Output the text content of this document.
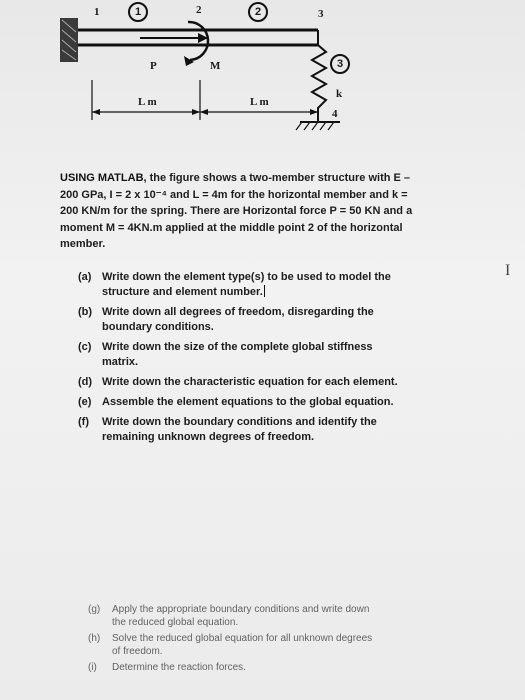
1	1	2	2	3
3
4
P	M
k
L m	L m
USING MATLAB, the figure shows a two-member structure with E – 200 GPa, I = 2 x 10⁻⁴ and L = 4m for the horizontal member and k = 200 KN/m for the spring. There are Horizontal force P = 50 KN and a moment M = 4KN.m applied at the middle point 2 of the horizontal member.
(a) Write down the element type(s) to be used to model the structure and element number.
(b) Write down all degrees of freedom, disregarding the boundary conditions.
(c) Write down the size of the complete global stiffness matrix.
(d) Write down the characteristic equation for each element.
(e) Assemble the element equations to the global equation.
(f)	Write down the boundary conditions and identify the remaining unknown degrees of freedom.
I
(g)	Apply the appropriate boundary conditions and write down the reduced global equation.
(h)	Solve the reduced global equation for all unknown degrees of freedom.
(i)	Determine the reaction forces.
